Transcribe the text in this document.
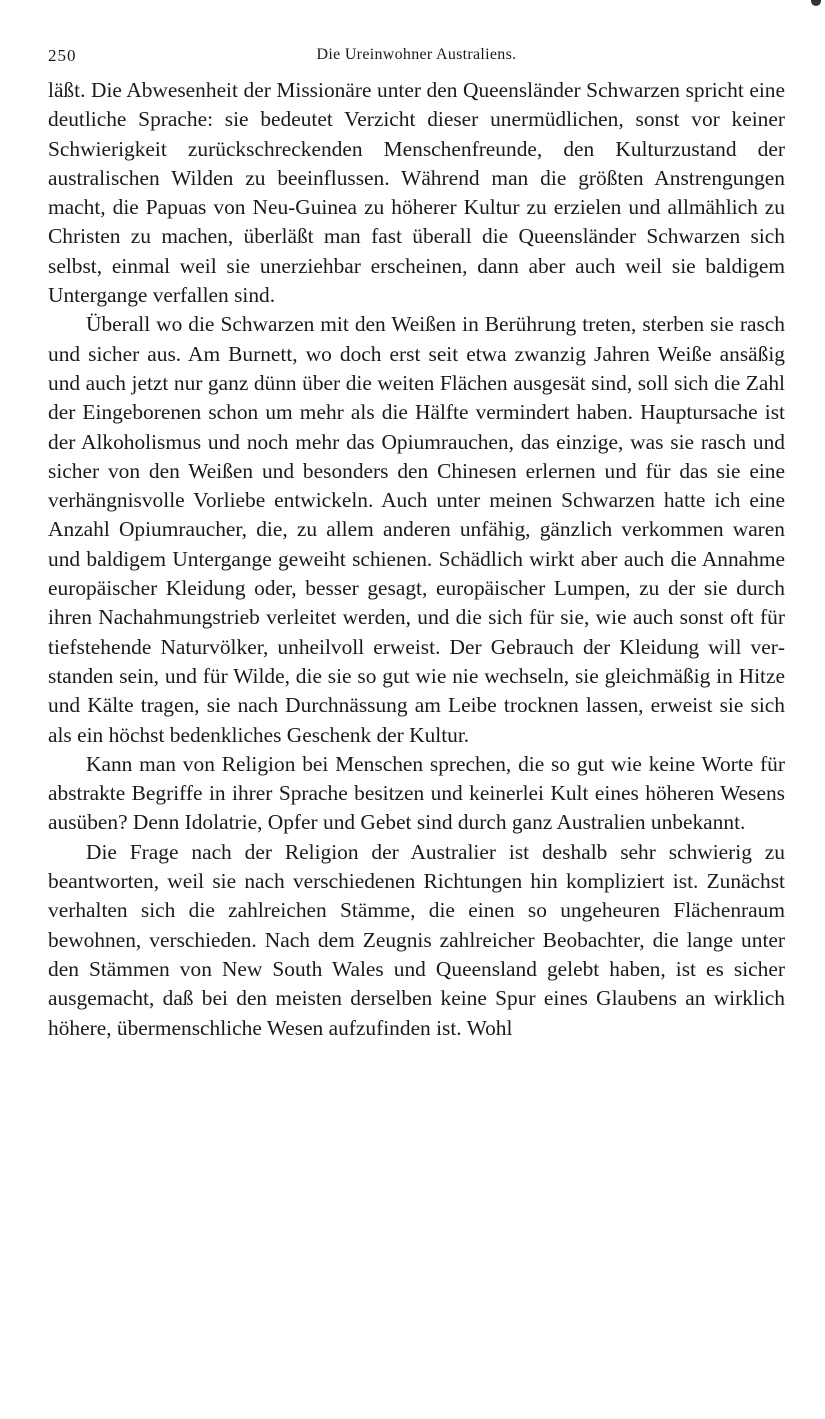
250	Die Ureinwohner Australiens.

läßt. Die Abwesenheit der Missionäre unter den Queensländer Schwarzen spricht eine deutliche Sprache: sie bedeutet Verzicht dieser unermüdlichen, sonst vor keiner Schwierigkeit zurückschreckenden Menschenfreunde, den Kulturzustand der australischen Wilden zu beeinflussen. Während man die größten Anstrengungen macht, die Papuas von Neu-Guinea zu höherer Kultur zu erzielen und allmählich zu Christen zu machen, überläßt man fast überall die Queensländer Schwarzen sich selbst, einmal weil sie unerziehbar erscheinen, dann aber auch weil sie baldigem Untergange verfallen sind.

Überall wo die Schwarzen mit den Weißen in Berührung treten, sterben sie rasch und sicher aus. Am Burnett, wo doch erst seit etwa zwanzig Jahren Weiße ansäßig und auch jetzt nur ganz dünn über die weiten Flächen ausgesät sind, soll sich die Zahl der Eingeborenen schon um mehr als die Hälfte vermindert haben. Hauptursache ist der Alkoholismus und noch mehr das Opiumrauchen, das einzige, was sie rasch und sicher von den Weißen und besonders den Chinesen erlernen und für das sie eine verhängnisvolle Vorliebe entwickeln. Auch unter meinen Schwarzen hatte ich eine Anzahl Opiumraucher, die, zu allem anderen unfähig, gänzlich verkommen waren und baldigem Untergange geweiht schienen. Schädlich wirkt aber auch die Annahme europäischer Kleidung oder, besser gesagt, europäischer Lumpen, zu der sie durch ihren Nachahmungstrieb verleitet werden, und die sich für sie, wie auch sonst oft für tiefstehende Naturvölker, unheilvoll erweist. Der Gebrauch der Kleidung will verstanden sein, und für Wilde, die sie so gut wie nie wechseln, sie gleichmäßig in Hitze und Kälte tragen, sie nach Durchnässung am Leibe trocknen lassen, erweist sie sich als ein höchst bedenkliches Geschenk der Kultur.

Kann man von Religion bei Menschen sprechen, die so gut wie keine Worte für abstrakte Begriffe in ihrer Sprache besitzen und keinerlei Kult eines höheren Wesens ausüben? Denn Idolatrie, Opfer und Gebet sind durch ganz Australien unbekannt.

Die Frage nach der Religion der Australier ist deshalb sehr schwierig zu beantworten, weil sie nach verschiedenen Richtungen hin kompliziert ist. Zunächst verhalten sich die zahlreichen Stämme, die einen so ungeheuren Flächenraum bewohnen, verschieden. Nach dem Zeugnis zahlreicher Beobachter, die lange unter den Stämmen von New South Wales und Queensland gelebt haben, ist es sicher ausgemacht, daß bei den meisten derselben keine Spur eines Glaubens an wirklich höhere, übermenschliche Wesen aufzufinden ist. Wohl
